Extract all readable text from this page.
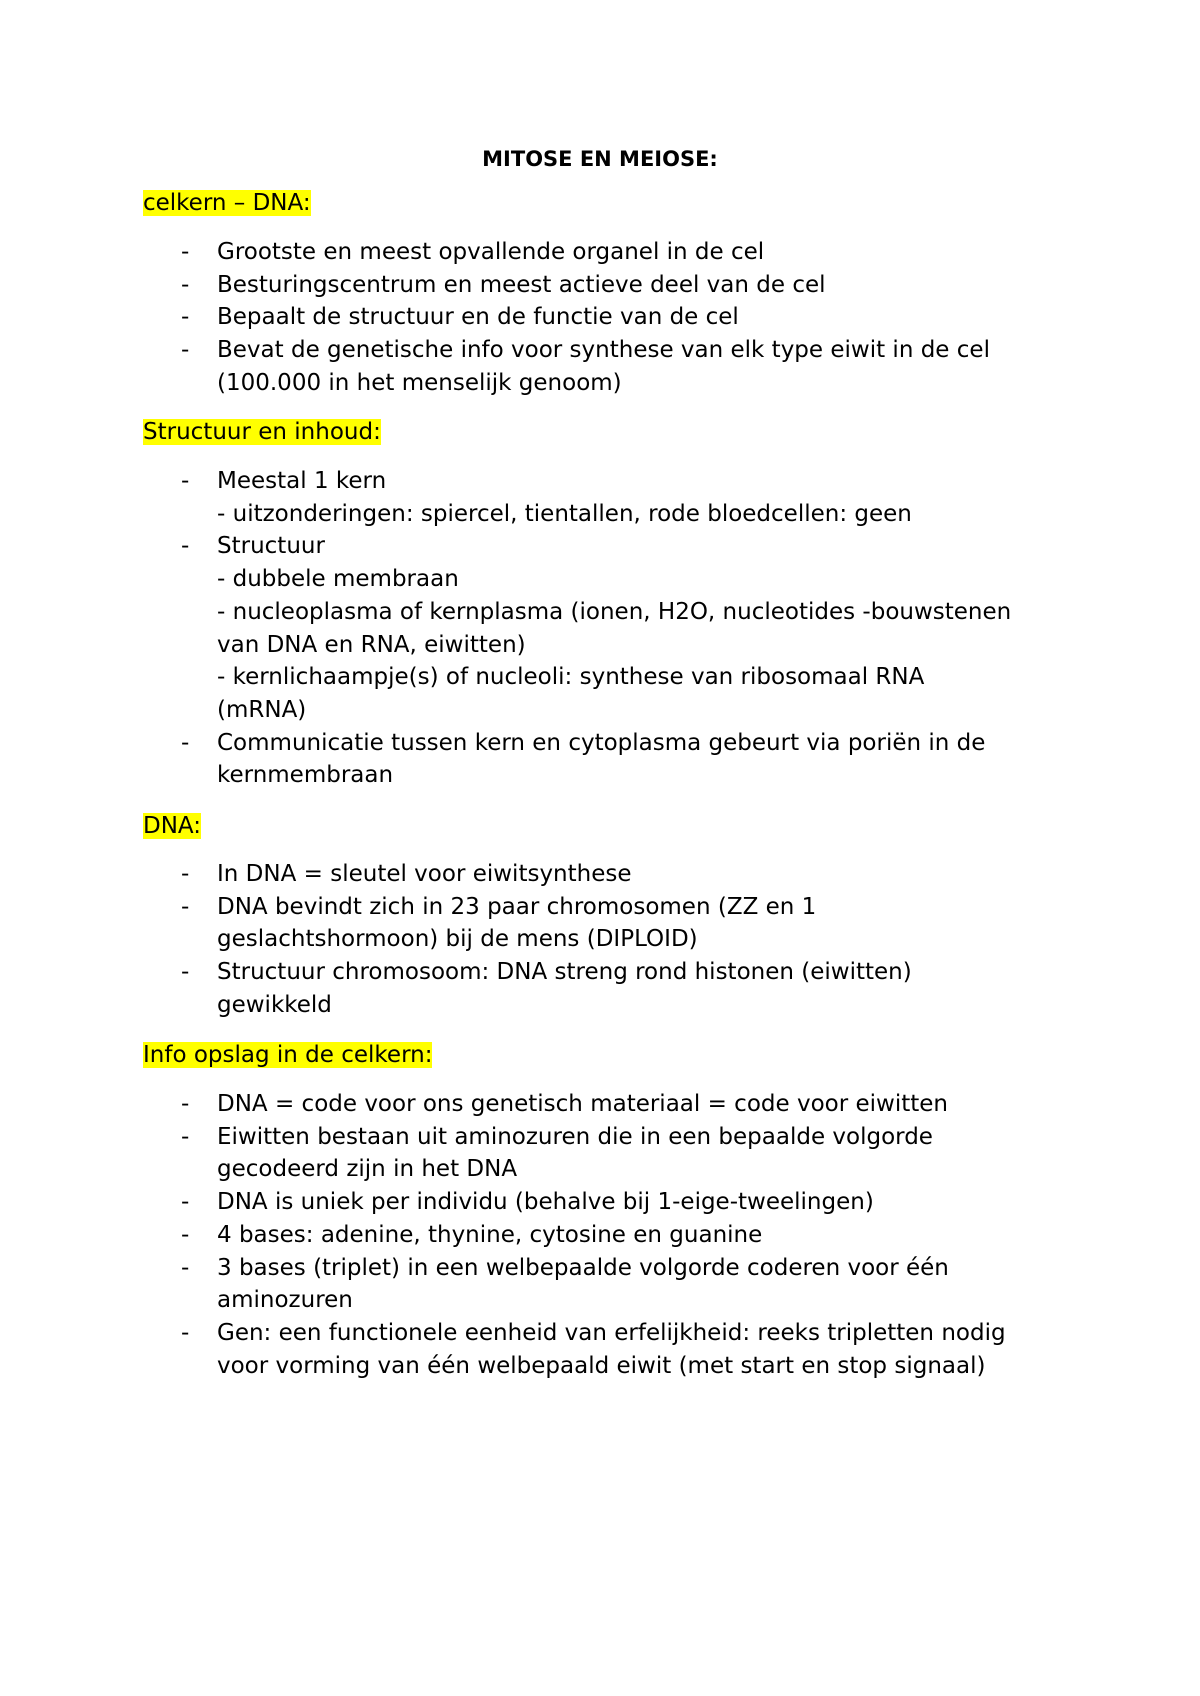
MITOSE EN MEIOSE:
celkern – DNA:
- Grootste en meest opvallende organel in de cel
- Besturingscentrum en meest actieve deel van de cel
- Bepaalt de structuur en de functie van de cel
- Bevat de genetische info voor synthese van elk type eiwit in de cel
(100.000 in het menselijk genoom)
Structuur en inhoud:
- Meestal 1 kern
- uitzonderingen: spiercel, tientallen, rode bloedcellen: geen
- Structuur
- dubbele membraan
- nucleoplasma of kernplasma (ionen, H2O, nucleotides -bouwstenen
van DNA en RNA, eiwitten)
- kernlichaampje(s) of nucleoli: synthese van ribosomaal RNA
(mRNA)
- Communicatie tussen kern en cytoplasma gebeurt via poriën in de
kernmembraan
DNA:
- In DNA = sleutel voor eiwitsynthese
- DNA bevindt zich in 23 paar chromosomen (ZZ en 1
geslachtshormoon) bij de mens (DIPLOID)
- Structuur chromosoom: DNA streng rond histonen (eiwitten)
gewikkeld
Info opslag in de celkern:
- DNA = code voor ons genetisch materiaal = code voor eiwitten
- Eiwitten bestaan uit aminozuren die in een bepaalde volgorde
gecodeerd zijn in het DNA
- DNA is uniek per individu (behalve bij 1-eige-tweelingen)
- 4 bases: adenine, thynine, cytosine en guanine
- 3 bases (triplet) in een welbepaalde volgorde coderen voor één
aminozuren
- Gen: een functionele eenheid van erfelijkheid: reeks tripletten nodig
voor vorming van één welbepaald eiwit (met start en stop signaal)
